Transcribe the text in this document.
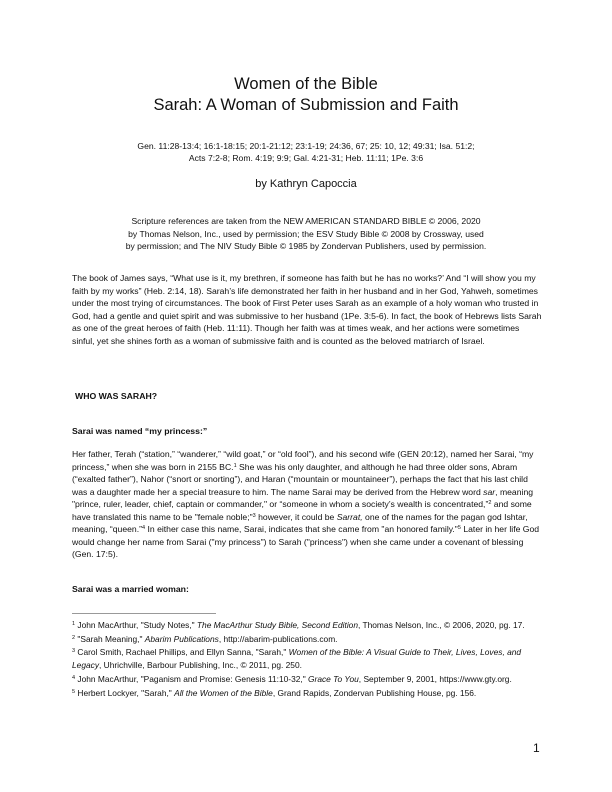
Women of the Bible
Sarah: A Woman of Submission and Faith
Gen. 11:28-13:4; 16:1-18:15; 20:1-21:12; 23:1-19; 24:36, 67; 25: 10, 12; 49:31; Isa. 51:2;
Acts 7:2-8; Rom. 4:19; 9:9; Gal. 4:21-31; Heb. 11:11; 1Pe. 3:6
by Kathryn Capoccia
Scripture references are taken from the NEW AMERICAN STANDARD BIBLE © 2006, 2020
by Thomas Nelson, Inc., used by permission; the ESV Study Bible © 2008 by Crossway, used
by permission; and The NIV Study Bible © 1985 by Zondervan Publishers, used by permission.

The book of James says, “What use is it, my brethren, if someone has faith but he has no works?’ And “I will show you my faith by my works” (Heb. 2:14, 18). Sarah’s life demonstrated her faith in her husband and in her God, Yahweh, sometimes under the most trying of circumstances. The book of First Peter uses Sarah as an example of a holy woman who trusted in God, had a gentle and quiet spirit and was submissive to her husband (1Pe. 3:5-6). In fact, the book of Hebrews lists Sarah as one of the great heroes of faith (Heb. 11:11). Though her faith was at times weak, and her actions were sometimes sinful, yet she shines forth as a woman of submissive faith and is counted as the beloved matriarch of Israel.

WHO WAS SARAH?
Sarai was named “my princess:”

Her father, Terah (“station,” “wanderer,” “wild goat,” or “old fool”), and his second wife (GEN 20:12), named her Sarai, “my princess,” when she was born in 2155 BC.$^1$ She was his only daughter, and although he had three older sons, Abram (“exalted father”), Nahor (“snort or snorting”), and Haran (“mountain or mountaineer”), perhaps the fact that his last child was a daughter made her a special treasure to him. The name Sarai may be derived from the Hebrew word sar, meaning "prince, ruler, leader, chief, captain or commander," or “someone in whom a society’s wealth is concentrated,”$^2$ and some have translated this name to be "female noble;"$^3$ however, it could be Sarrat, one of the names for the pagan god Ishtar, meaning, “queen.”$^4$ In either case this name, Sarai, indicates that she came from "an honored family."$^5$ Later in her life God would change her name from Sarai ("my princess") to Sarah ("princess") when she came under a covenant of blessing (Gen. 17:5).

Sarai was a married woman:

$^1$ John MacArthur, "Study Notes," The MacArthur Study Bible, Second Edition, Thomas Nelson, Inc., © 2006, 2020, pg. 17.

$^2$ "Sarah Meaning," Abarim Publications, http://abarim-publications.com.

$^3$ Carol Smith, Rachael Phillips, and Ellyn Sanna, "Sarah," Women of the Bible: A Visual Guide to Their, Lives, Loves, and Legacy, Uhrichville, Barbour Publishing, Inc., © 2011, pg. 250.

$^4$ John MacArthur, "Paganism and Promise: Genesis 11:10-32," Grace To You, September 9, 2001, https://www.gty.org.

$^5$ Herbert Lockyer, "Sarah," All the Women of the Bible, Grand Rapids, Zondervan Publishing House, pg. 156.

1
